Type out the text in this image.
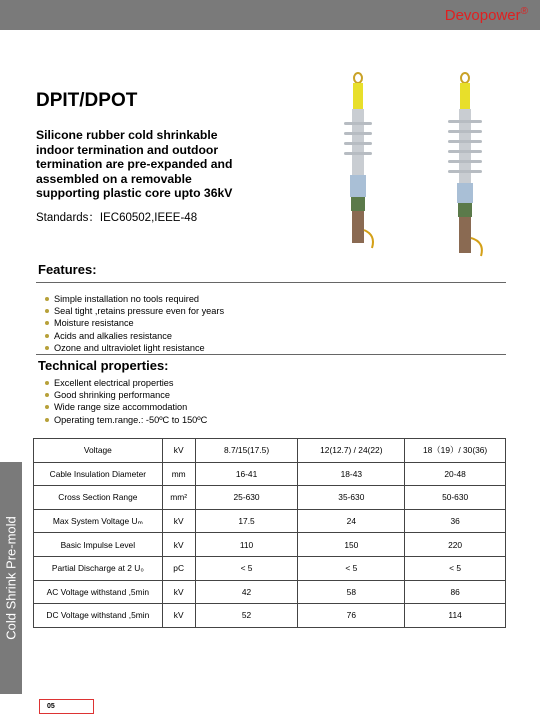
Devopower®
DPIT/DPOT
Silicone rubber cold shrinkable indoor termination and outdoor termination are pre-expanded and assembled on a removable supporting plastic core upto 36kV
Standards：IEC60502,IEEE-48
Features:
Simple installation no tools required
Seal tight ,retains pressure even for years
Moisture resistance
Acids and alkalies resistance
Ozone and ultraviolet light resistance
Technical properties:
Excellent electrical properties
Good shrinking performance
Wide range size accommodation
Operating tem.range.: -50ºC to 150ºC
Voltage	kV	8.7/15(17.5)	12(12.7) / 24(22)	18（19）/ 30(36)
Cable Insulation Diameter	mm	16-41	18-43	20-48
Cross Section Range	mm²	25-630	35-630	50-630
Max System Voltage Uₘ	kV	17.5	24	36
Basic Impulse Level	kV	110	150	220
Partial Discharge at 2 U₀	pC	< 5	< 5	< 5
AC Voltage withstand ,5min	kV	42	58	86
DC Voltage withstand ,5min	kV	52	76	114
Cold Shrink Pre-mold
05
